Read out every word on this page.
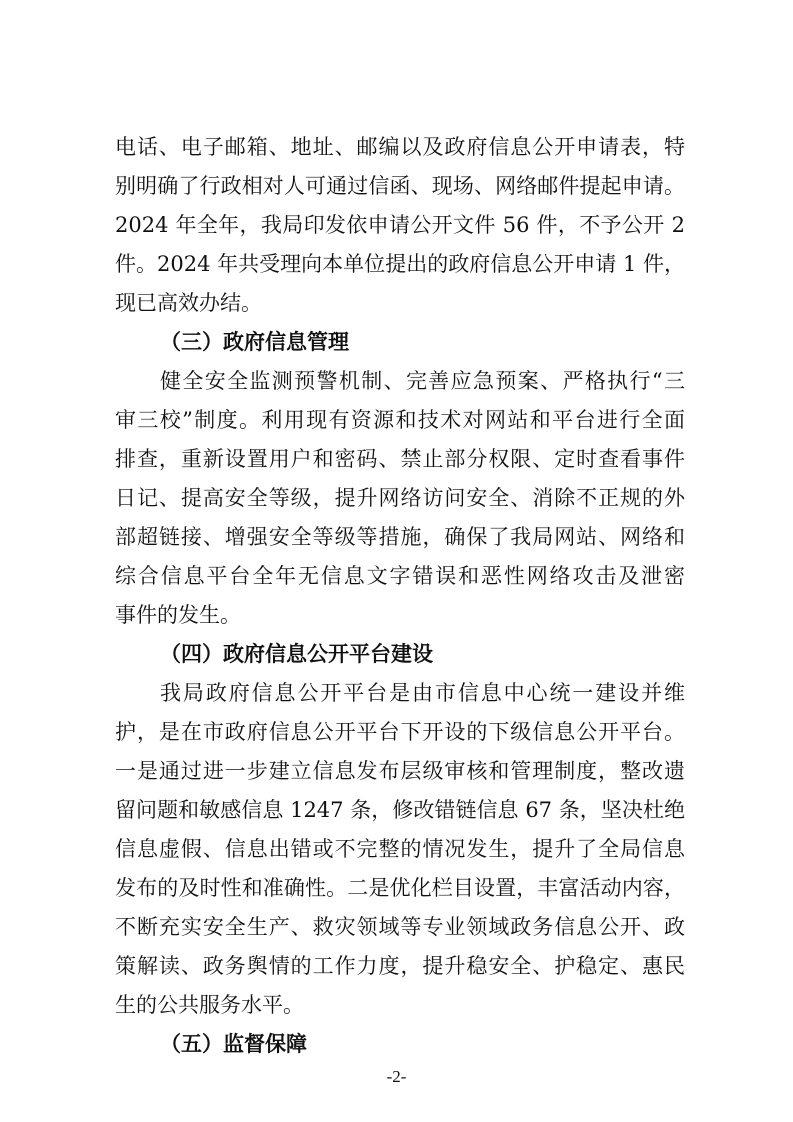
电话、电子邮箱、地址、邮编以及政府信息公开申请表，特
别明确了行政相对人可通过信函、现场、网络邮件提起申请。
2024 年全年，我局印发依申请公开文件 56 件，不予公开 2
件。2024 年共受理向本单位提出的政府信息公开申请 1 件，
现已高效办结。
（三）政府信息管理
健全安全监测预警机制、完善应急预案、严格执行“三
审三校”制度。利用现有资源和技术对网站和平台进行全面
排查，重新设置用户和密码、禁止部分权限、定时查看事件
日记、提高安全等级，提升网络访问安全、消除不正规的外
部超链接、增强安全等级等措施，确保了我局网站、网络和
综合信息平台全年无信息文字错误和恶性网络攻击及泄密
事件的发生。
（四）政府信息公开平台建设
我局政府信息公开平台是由市信息中心统一建设并维
护，是在市政府信息公开平台下开设的下级信息公开平台。
一是通过进一步建立信息发布层级审核和管理制度，整改遗
留问题和敏感信息 1247 条，修改错链信息 67 条，坚决杜绝
信息虚假、信息出错或不完整的情况发生，提升了全局信息
发布的及时性和准确性。二是优化栏目设置，丰富活动内容，
不断充实安全生产、救灾领域等专业领域政务信息公开、政
策解读、政务舆情的工作力度，提升稳安全、护稳定、惠民
生的公共服务水平。
（五）监督保障
-2-
